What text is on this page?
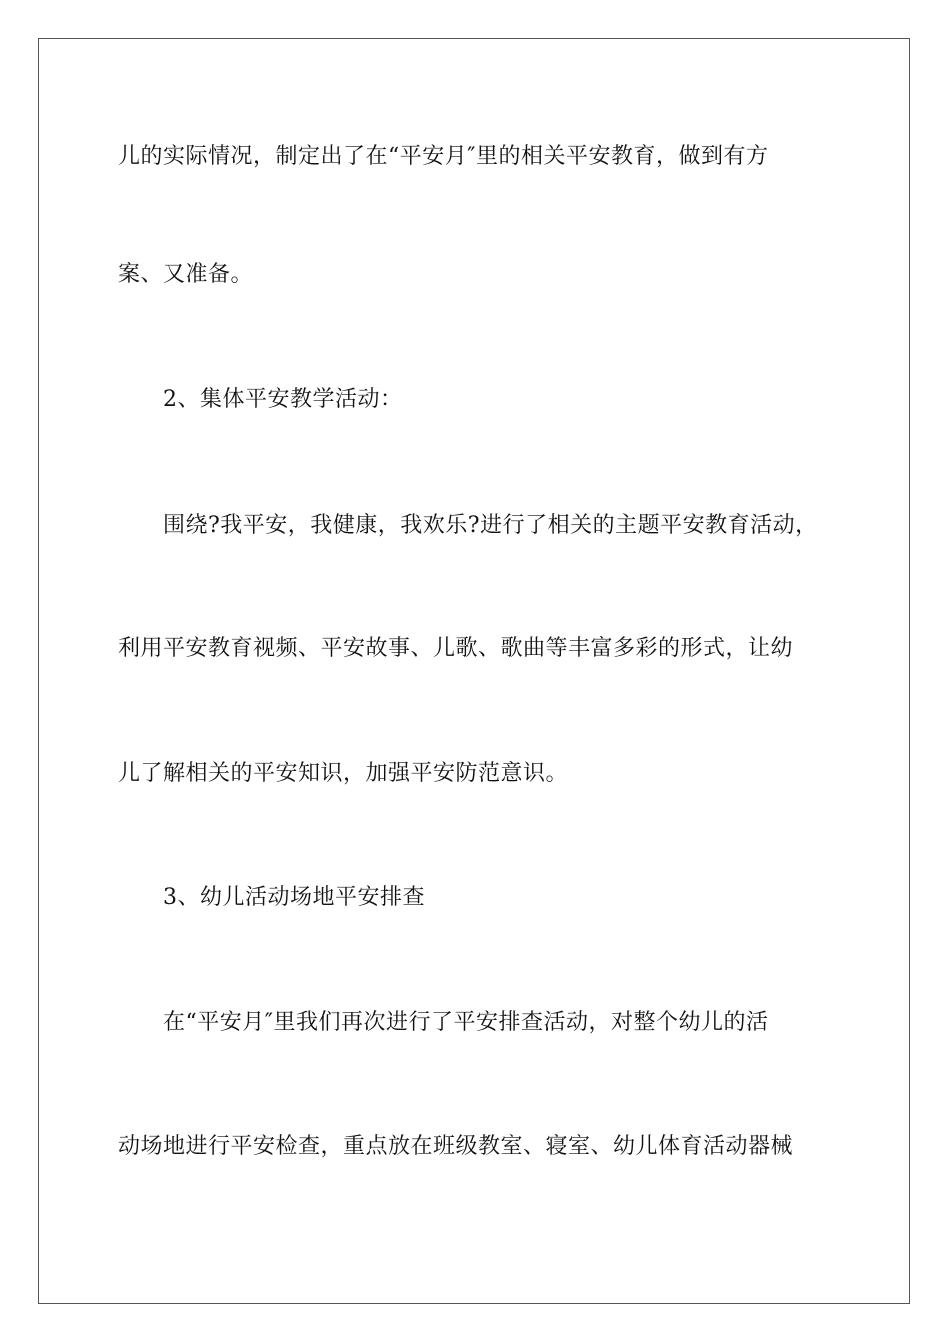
儿的实际情况，制定出了在“平安月″里的相关平安教育，做到有方
案、又准备。
2、集体平安教学活动：
围绕?我平安，我健康，我欢乐?进行了相关的主题平安教育活动，
利用平安教育视频、平安故事、儿歌、歌曲等丰富多彩的形式，让幼
儿了解相关的平安知识，加强平安防范意识。
3、幼儿活动场地平安排查
在“平安月″里我们再次进行了平安排查活动，对整个幼儿的活
动场地进行平安检查，重点放在班级教室、寝室、幼儿体育活动器械
